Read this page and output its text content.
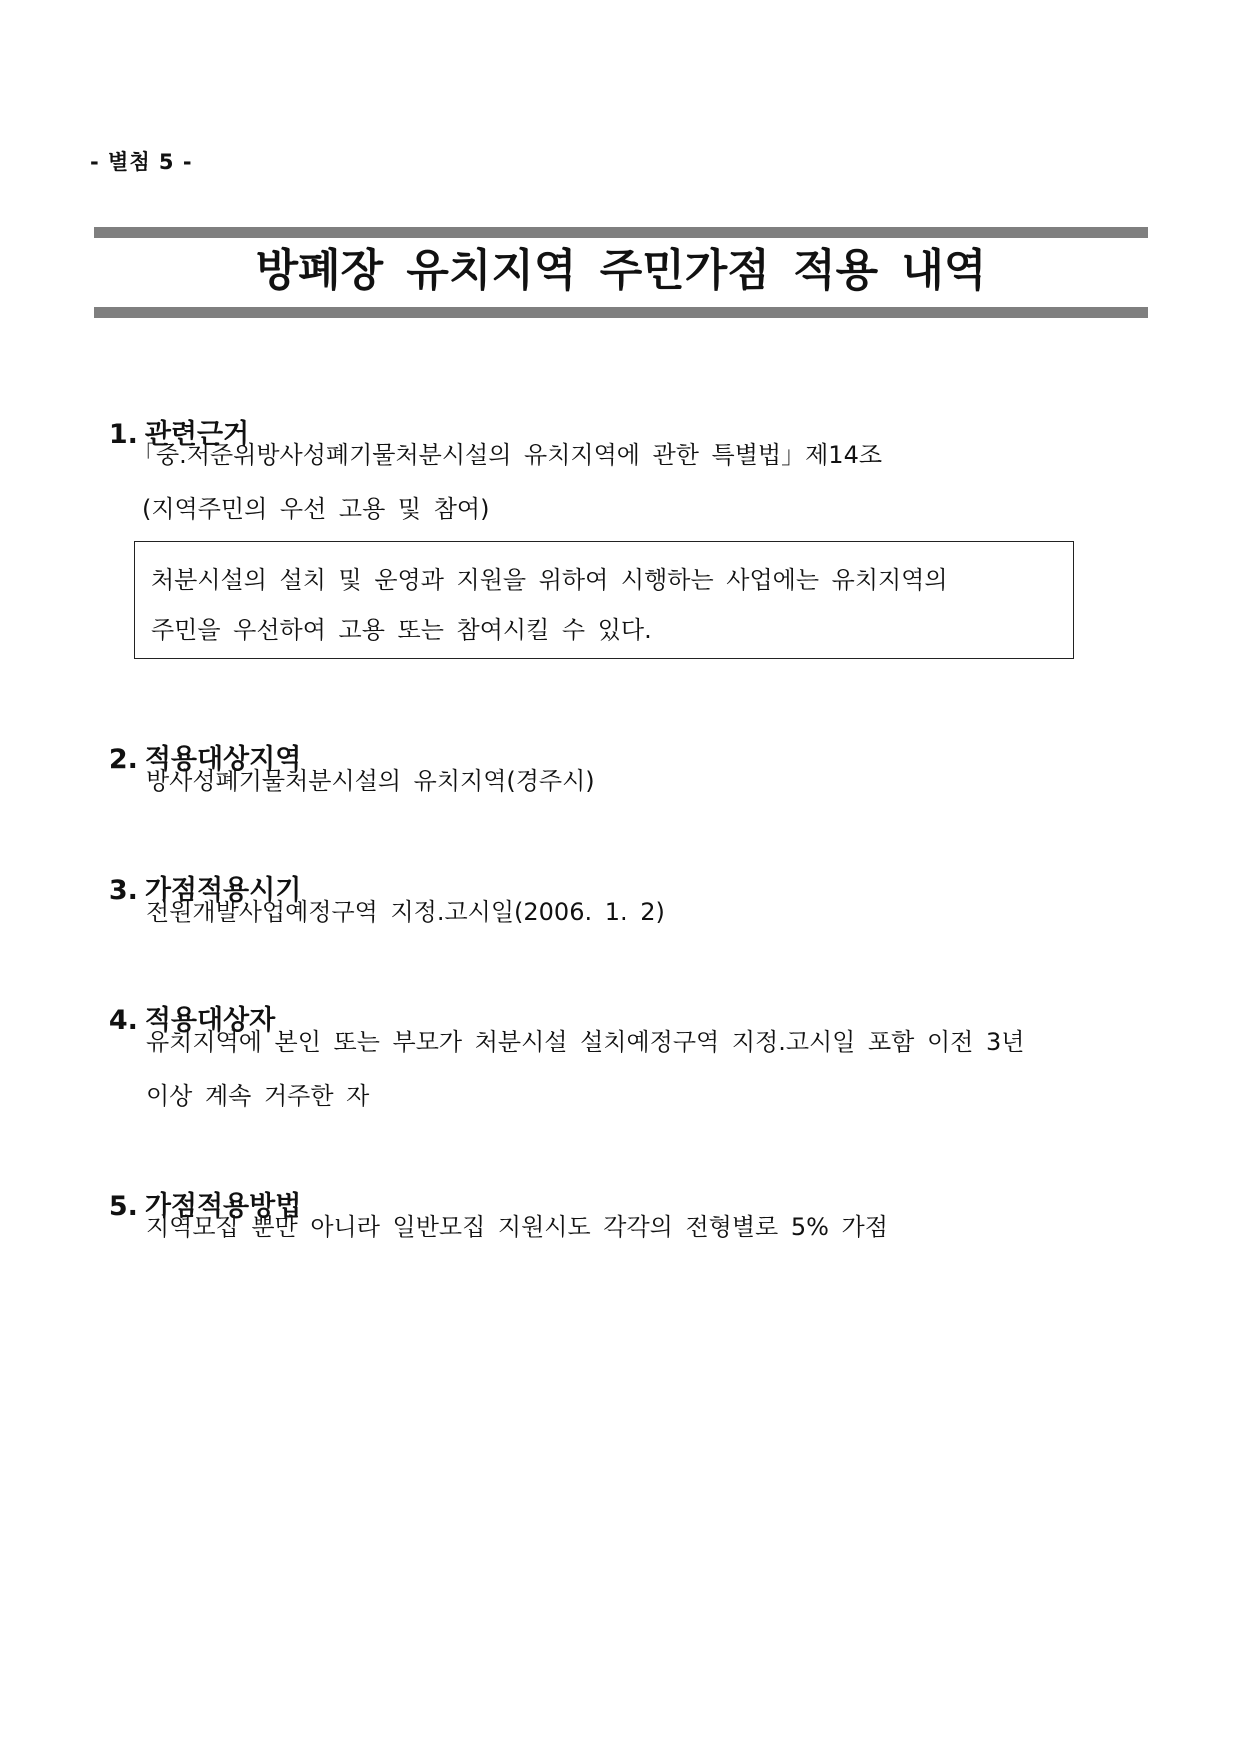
- 별첨 5 -
방폐장 유치지역 주민가점 적용 내역

1. 관련근거

「중.저준위방사성폐기물처분시설의 유치지역에 관한 특별법」제14조
(지역주민의 우선 고용 및 참여)
처분시설의 설치 및 운영과 지원을 위하여 시행하는 사업에는 유치지역의
주민을 우선하여 고용 또는 참여시킬 수 있다.

2. 적용대상지역

방사성폐기물처분시설의 유치지역(경주시)

3. 가점적용시기

전원개발사업예정구역 지정.고시일(2006. 1. 2)

4. 적용대상자

유치지역에 본인 또는 부모가 처분시설 설치예정구역 지정.고시일 포함 이전 3년
이상 계속 거주한 자

5. 가점적용방법

지역모집 뿐만 아니라 일반모집 지원시도 각각의 전형별로 5% 가점
